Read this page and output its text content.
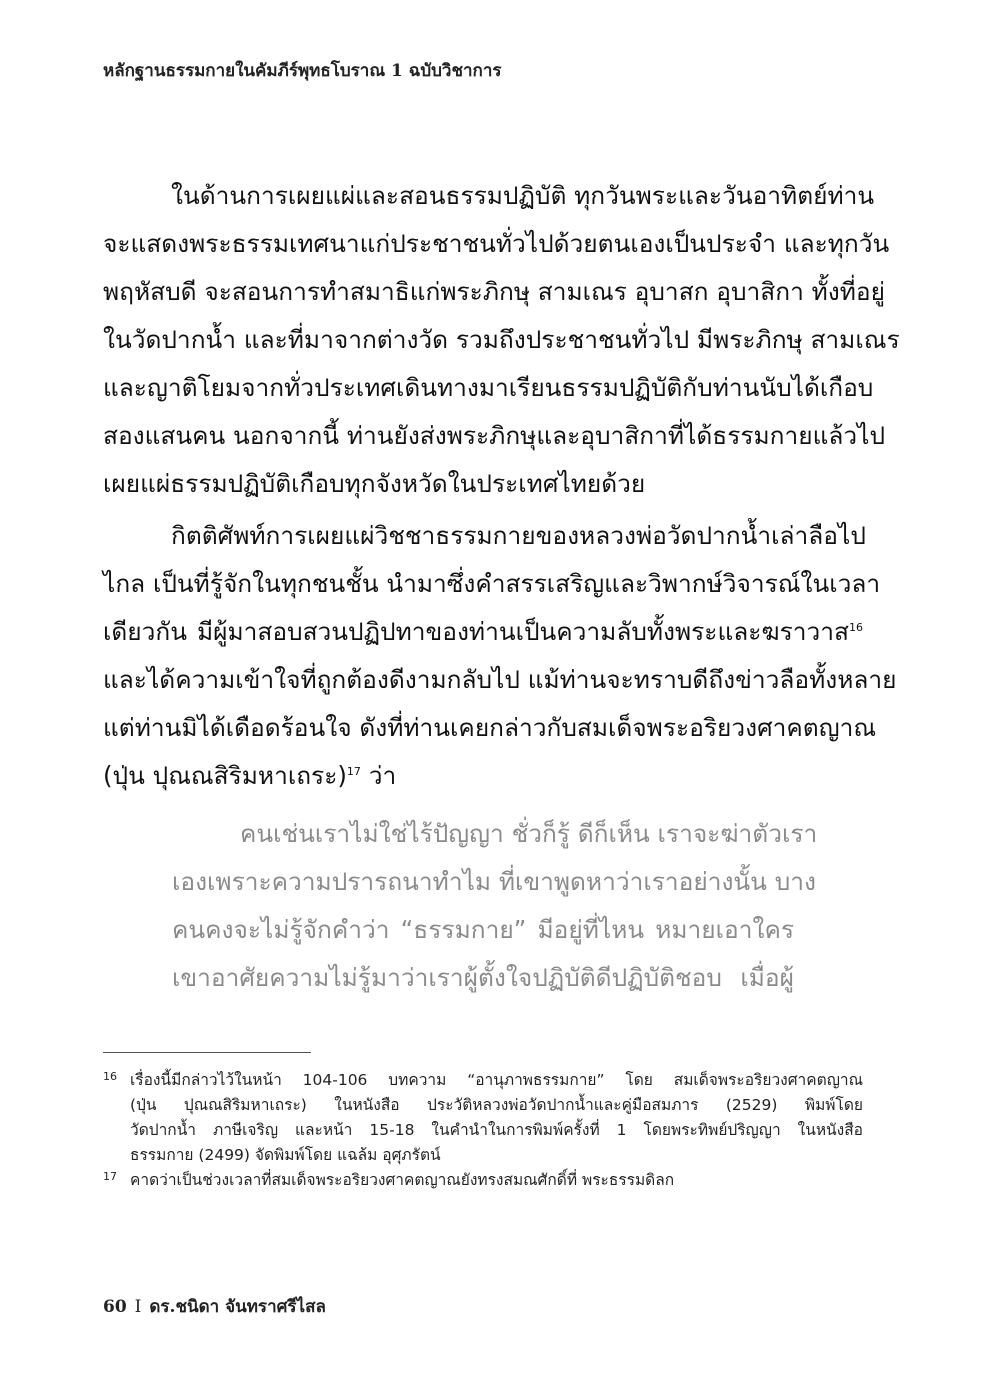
หลักฐานธรรมกายในคัมภีร์พุทธโบราณ 1 ฉบับวิชาการ
ในด้านการเผยแผ่และสอนธรรมปฏิบัติ ทุกวันพระและวันอาทิตย์ท่าน
จะแสดงพระธรรมเทศนาแก่ประชาชนทั่วไปด้วยตนเองเป็นประจำ และทุกวัน
พฤหัสบดี จะสอนการทำสมาธิแก่พระภิกษุ สามเณร อุบาสก อุบาสิกา ทั้งที่อยู่
ในวัดปากน้ำ และที่มาจากต่างวัด รวมถึงประชาชนทั่วไป มีพระภิกษุ สามเณร
และญาติโยมจากทั่วประเทศเดินทางมาเรียนธรรมปฏิบัติกับท่านนับได้เกือบ
สองแสนคน นอกจากนี้ ท่านยังส่งพระภิกษุและอุบาสิกาที่ได้ธรรมกายแล้วไป
เผยแผ่ธรรมปฏิบัติเกือบทุกจังหวัดในประเทศไทยด้วย
กิตติศัพท์การเผยแผ่วิชชาธรรมกายของหลวงพ่อวัดปากน้ำเล่าลือไป
ไกล เป็นที่รู้จักในทุกชนชั้น นำมาซึ่งคำสรรเสริญและวิพากษ์วิจารณ์ในเวลา
เดียวกัน มีผู้มาสอบสวนปฏิปทาของท่านเป็นความลับทั้งพระและฆราวาส$^{16}$
และได้ความเข้าใจที่ถูกต้องดีงามกลับไป แม้ท่านจะทราบดีถึงข่าวลือทั้งหลาย
แต่ท่านมิได้เดือดร้อนใจ ดังที่ท่านเคยกล่าวกับสมเด็จพระอริยวงศาคตญาณ
(ปุ่น ปุณณสิริมหาเถระ)$^{17}$ ว่า
คนเช่นเราไม่ใช่ไร้ปัญญา ชั่วก็รู้ ดีก็เห็น เราจะฆ่าตัวเรา
เองเพราะความปรารถนาทำไม ที่เขาพูดหาว่าเราอย่างนั้น บาง
คนคงจะไม่รู้จักคำว่า “ธรรมกาย” มีอยู่ที่ไหน หมายเอาใคร
เขาอาศัยความไม่รู้มาว่าเราผู้ตั้งใจปฏิบัติดีปฏิบัติชอบ เมื่อผู้
16 เรื่องนี้มีกล่าวไว้ในหน้า 104-106 บทความ “อานุภาพธรรมกาย” โดย สมเด็จพระอริยวงศาคตญาณ
(ปุ่น ปุณณสิริมหาเถระ) ในหนังสือ ประวัติหลวงพ่อวัดปากน้ำและคู่มือสมภาร (2529) พิมพ์โดย
วัดปากน้ำ ภาษีเจริญ และหน้า 15-18 ในคำนำในการพิมพ์ครั้งที่ 1 โดยพระทิพย์ปริญญา ในหนังสือ
ธรรมกาย (2499) จัดพิมพ์โดย แฉล้ม อุศุภรัตน์
17 คาดว่าเป็นช่วงเวลาที่สมเด็จพระอริยวงศาคตญาณยังทรงสมณศักดิ์ที่ พระธรรมดิลก
60 I ดร.ชนิดา จันทราศรีไสล
